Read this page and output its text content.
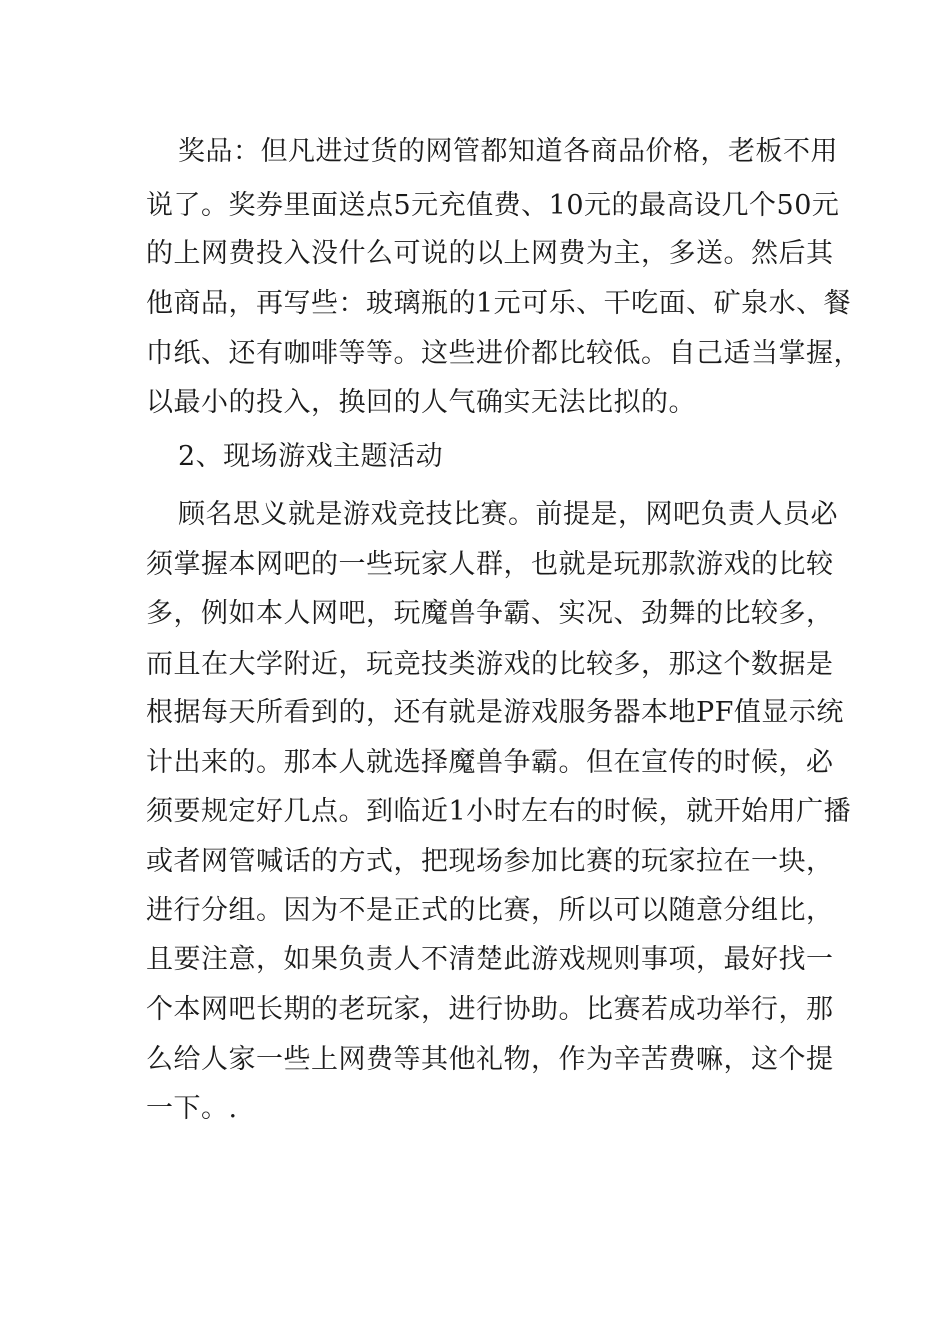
奖品：但凡进过货的网管都知道各商品价格，老板不用
说了。奖券里面送点5元充值费、10元的最高设几个50元
的上网费投入没什么可说的以上网费为主，多送。然后其
他商品，再写些：玻璃瓶的1元可乐、干吃面、矿泉水、餐
巾纸、还有咖啡等等。这些进价都比较低。自己适当掌握，
以最小的投入，换回的人气确实无法比拟的。
2、现场游戏主题活动
顾名思义就是游戏竞技比赛。前提是，网吧负责人员必
须掌握本网吧的一些玩家人群，也就是玩那款游戏的比较
多，例如本人网吧，玩魔兽争霸、实况、劲舞的比较多，
而且在大学附近，玩竞技类游戏的比较多，那这个数据是
根据每天所看到的，还有就是游戏服务器本地PF值显示统
计出来的。那本人就选择魔兽争霸。但在宣传的时候，必
须要规定好几点。到临近1小时左右的时候，就开始用广播
或者网管喊话的方式，把现场参加比赛的玩家拉在一块，
进行分组。因为不是正式的比赛，所以可以随意分组比，
且要注意，如果负责人不清楚此游戏规则事项，最好找一
个本网吧长期的老玩家，进行协助。比赛若成功举行，那
么给人家一些上网费等其他礼物，作为辛苦费嘛，这个提
一下。.
